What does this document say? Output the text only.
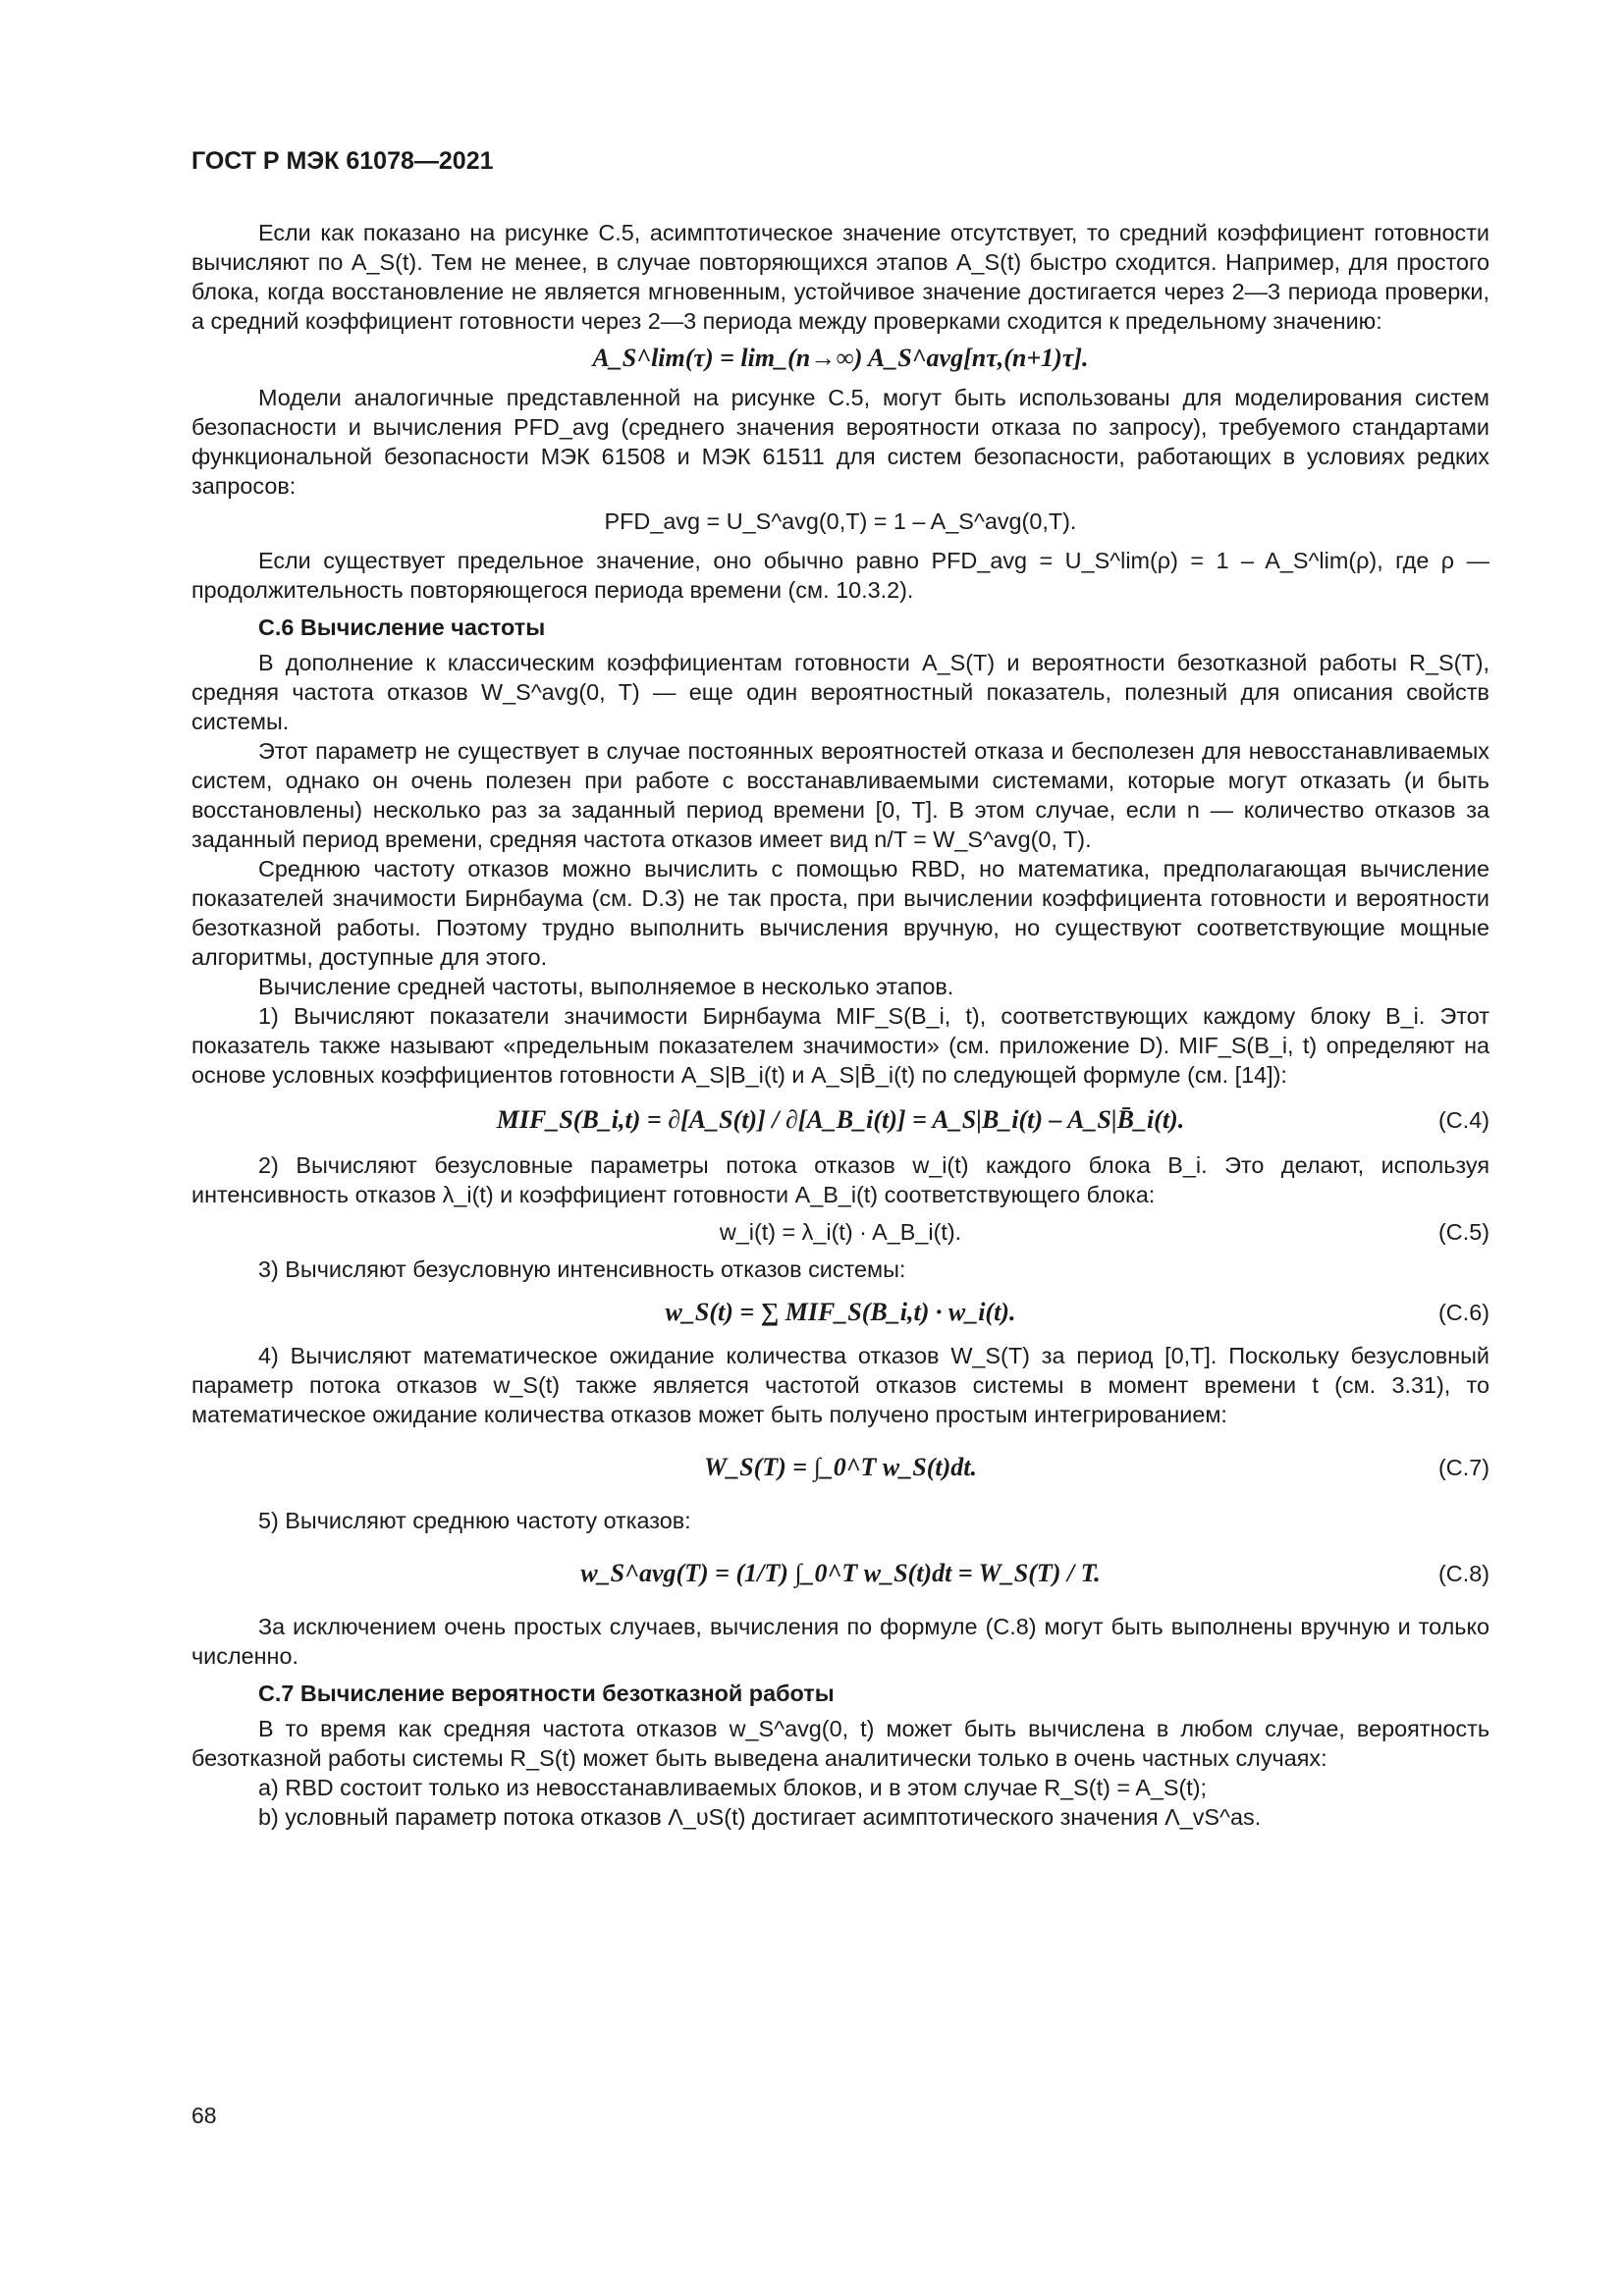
ГОСТ Р МЭК 61078—2021

Если как показано на рисунке С.5, асимптотическое значение отсутствует, то средний коэффициент готовности вычисляют по A_S(t). Тем не менее, в случае повторяющихся этапов A_S(t) быстро сходится. Например, для простого блока, когда восстановление не является мгновенным, устойчивое значение достигается через 2—3 периода проверки, а средний коэффициент готовности через 2—3 периода между проверками сходится к предельному значению:

A_S^lim(τ) = lim_(n→∞) A_S^avg[nτ,(n+1)τ].

Модели аналогичные представленной на рисунке С.5, могут быть использованы для моделирования систем безопасности и вычисления PFD_avg (среднего значения вероятности отказа по запросу), требуемого стандартами функциональной безопасности МЭК 61508 и МЭК 61511 для систем безопасности, работающих в условиях редких запросов:

PFD_avg = U_S^avg(0,T) = 1 – A_S^avg(0,T).

Если существует предельное значение, оно обычно равно PFD_avg = U_S^lim(ρ) = 1 – A_S^lim(ρ), где ρ — продолжительность повторяющегося периода времени (см. 10.3.2).

С.6 Вычисление частоты

В дополнение к классическим коэффициентам готовности A_S(T) и вероятности безотказной работы R_S(T), средняя частота отказов W_S^avg(0, T) — еще один вероятностный показатель, полезный для описания свойств системы.

Этот параметр не существует в случае постоянных вероятностей отказа и бесполезен для невосстанавливаемых систем, однако он очень полезен при работе с восстанавливаемыми системами, которые могут отказать (и быть восстановлены) несколько раз за заданный период времени [0, T]. В этом случае, если n — количество отказов за заданный период времени, средняя частота отказов имеет вид n/T = W_S^avg(0, T).

Среднюю частоту отказов можно вычислить с помощью RBD, но математика, предполагающая вычисление показателей значимости Бирнбаума (см. D.3) не так проста, при вычислении коэффициента готовности и вероятности безотказной работы. Поэтому трудно выполнить вычисления вручную, но существуют соответствующие мощные алгоритмы, доступные для этого.

Вычисление средней частоты, выполняемое в несколько этапов.

1) Вычисляют показатели значимости Бирнбаума MIF_S(B_i, t), соответствующих каждому блоку B_i. Этот показатель также называют «предельным показателем значимости» (см. приложение D). MIF_S(B_i, t) определяют на основе условных коэффициентов готовности A_S|B_i(t) и A_S|B̄_i(t) по следующей формуле (см. [14]):

MIF_S(B_i,t) = ∂[A_S(t)] / ∂[A_B_i(t)] = A_S|B_i(t) – A_S|B̄_i(t).	(С.4)

2) Вычисляют безусловные параметры потока отказов w_i(t) каждого блока B_i. Это делают, используя интенсивность отказов λ_i(t) и коэффициент готовности A_B_i(t) соответствующего блока:

w_i(t) = λ_i(t) · A_B_i(t).	(С.5)

3) Вычисляют безусловную интенсивность отказов системы:

w_S(t) = ∑ MIF_S(B_i,t) · w_i(t).	(С.6)

4) Вычисляют математическое ожидание количества отказов W_S(T) за период [0,T]. Поскольку безусловный параметр потока отказов w_S(t) также является частотой отказов системы в момент времени t (см. 3.31), то математическое ожидание количества отказов может быть получено простым интегрированием:

W_S(T) = ∫_0^T w_S(t)dt.	(С.7)

5) Вычисляют среднюю частоту отказов:

w_S^avg(T) = (1/T) ∫_0^T w_S(t)dt = W_S(T) / T.	(С.8)

За исключением очень простых случаев, вычисления по формуле (С.8) могут быть выполнены вручную и только численно.

С.7 Вычисление вероятности безотказной работы

В то время как средняя частота отказов w_S^avg(0, t) может быть вычислена в любом случае, вероятность безотказной работы системы R_S(t) может быть выведена аналитически только в очень частных случаях:

a) RBD состоит только из невосстанавливаемых блоков, и в этом случае R_S(t) = A_S(t);

b) условный параметр потока отказов Λ_υS(t) достигает асимптотического значения Λ_vS^as.

68
